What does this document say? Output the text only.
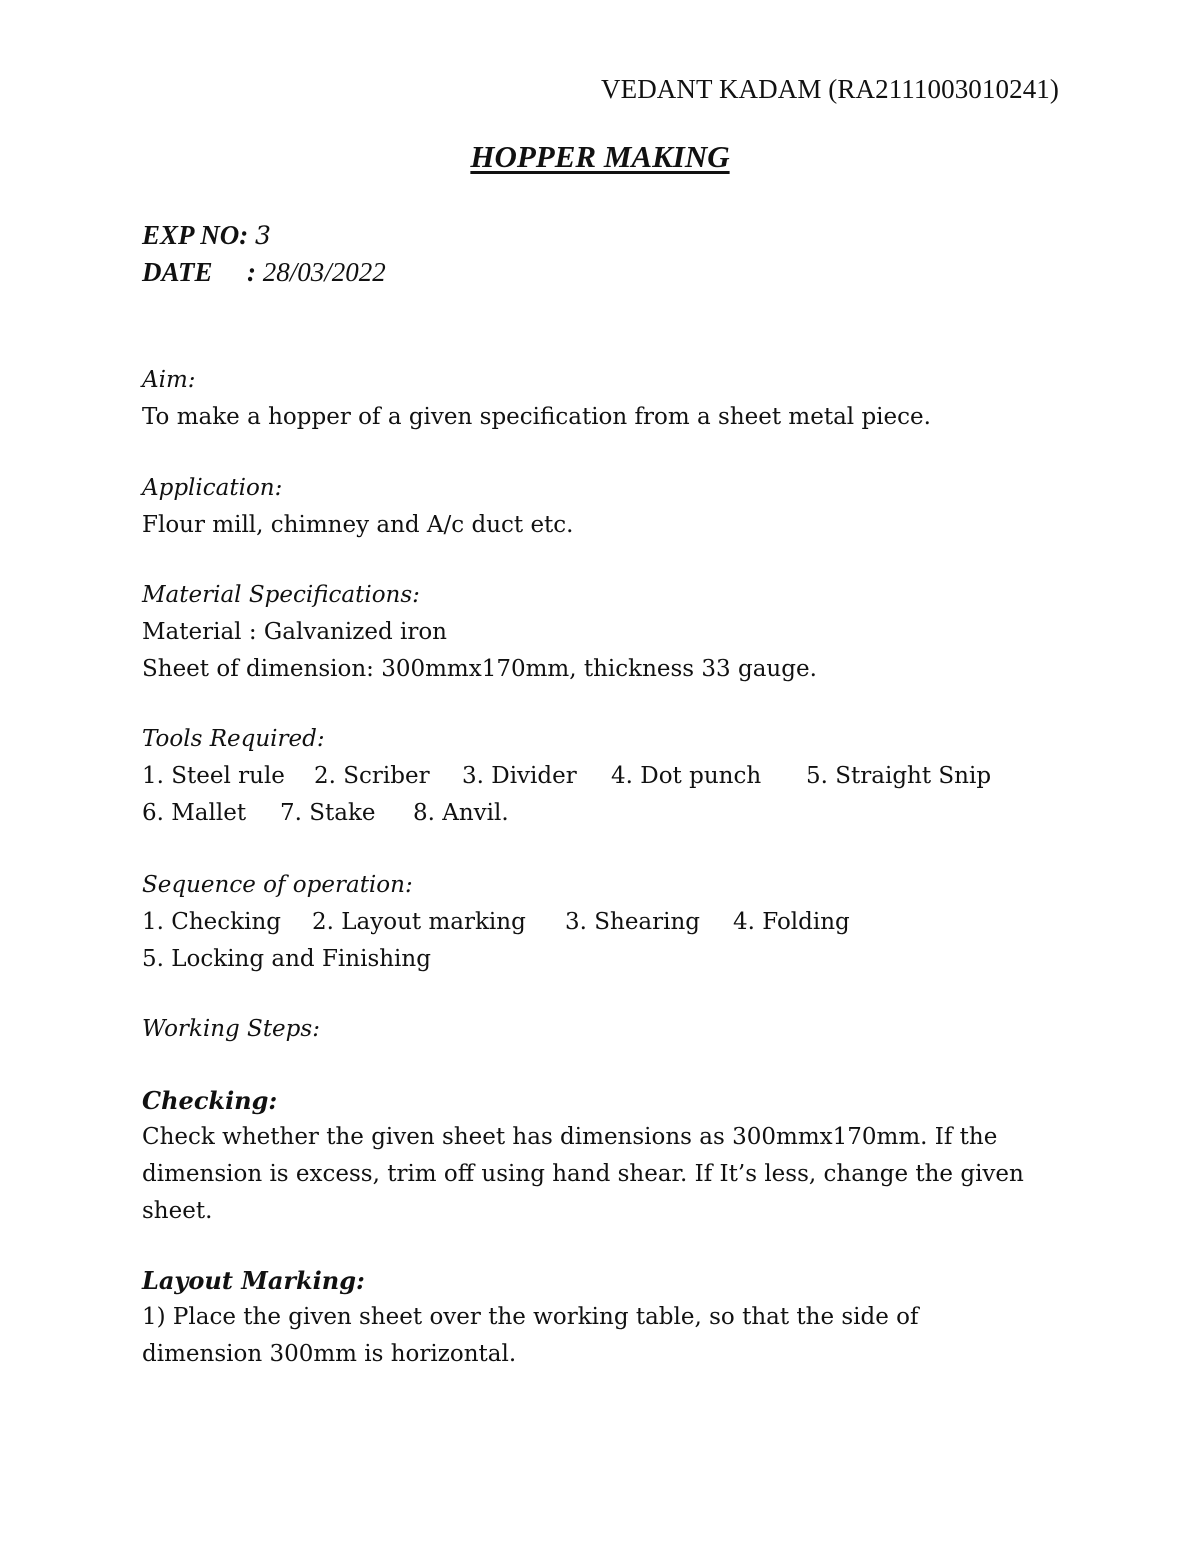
VEDANT KADAM (RA2111003010241)
HOPPER MAKING
EXP NO: 3
DATE : 28/03/2022
Aim:
To make a hopper of a given specification from a sheet metal piece.
Application:
Flour mill, chimney and A/c duct etc.
Material Specifications:
Material : Galvanized iron
Sheet of dimension: 300mmx170mm, thickness 33 gauge.
Tools Required:
1. Steel rule 2. Scriber 3. Divider 4. Dot punch 5. Straight Snip
6. Mallet 7. Stake 8. Anvil.
Sequence of operation:
1. Checking 2. Layout marking 3. Shearing 4. Folding
5. Locking and Finishing
Working Steps:
Checking:
Check whether the given sheet has dimensions as 300mmx170mm. If the
dimension is excess, trim off using hand shear. If It’s less, change the given
sheet.
Layout Marking:
1) Place the given sheet over the working table, so that the side of
dimension 300mm is horizontal.
